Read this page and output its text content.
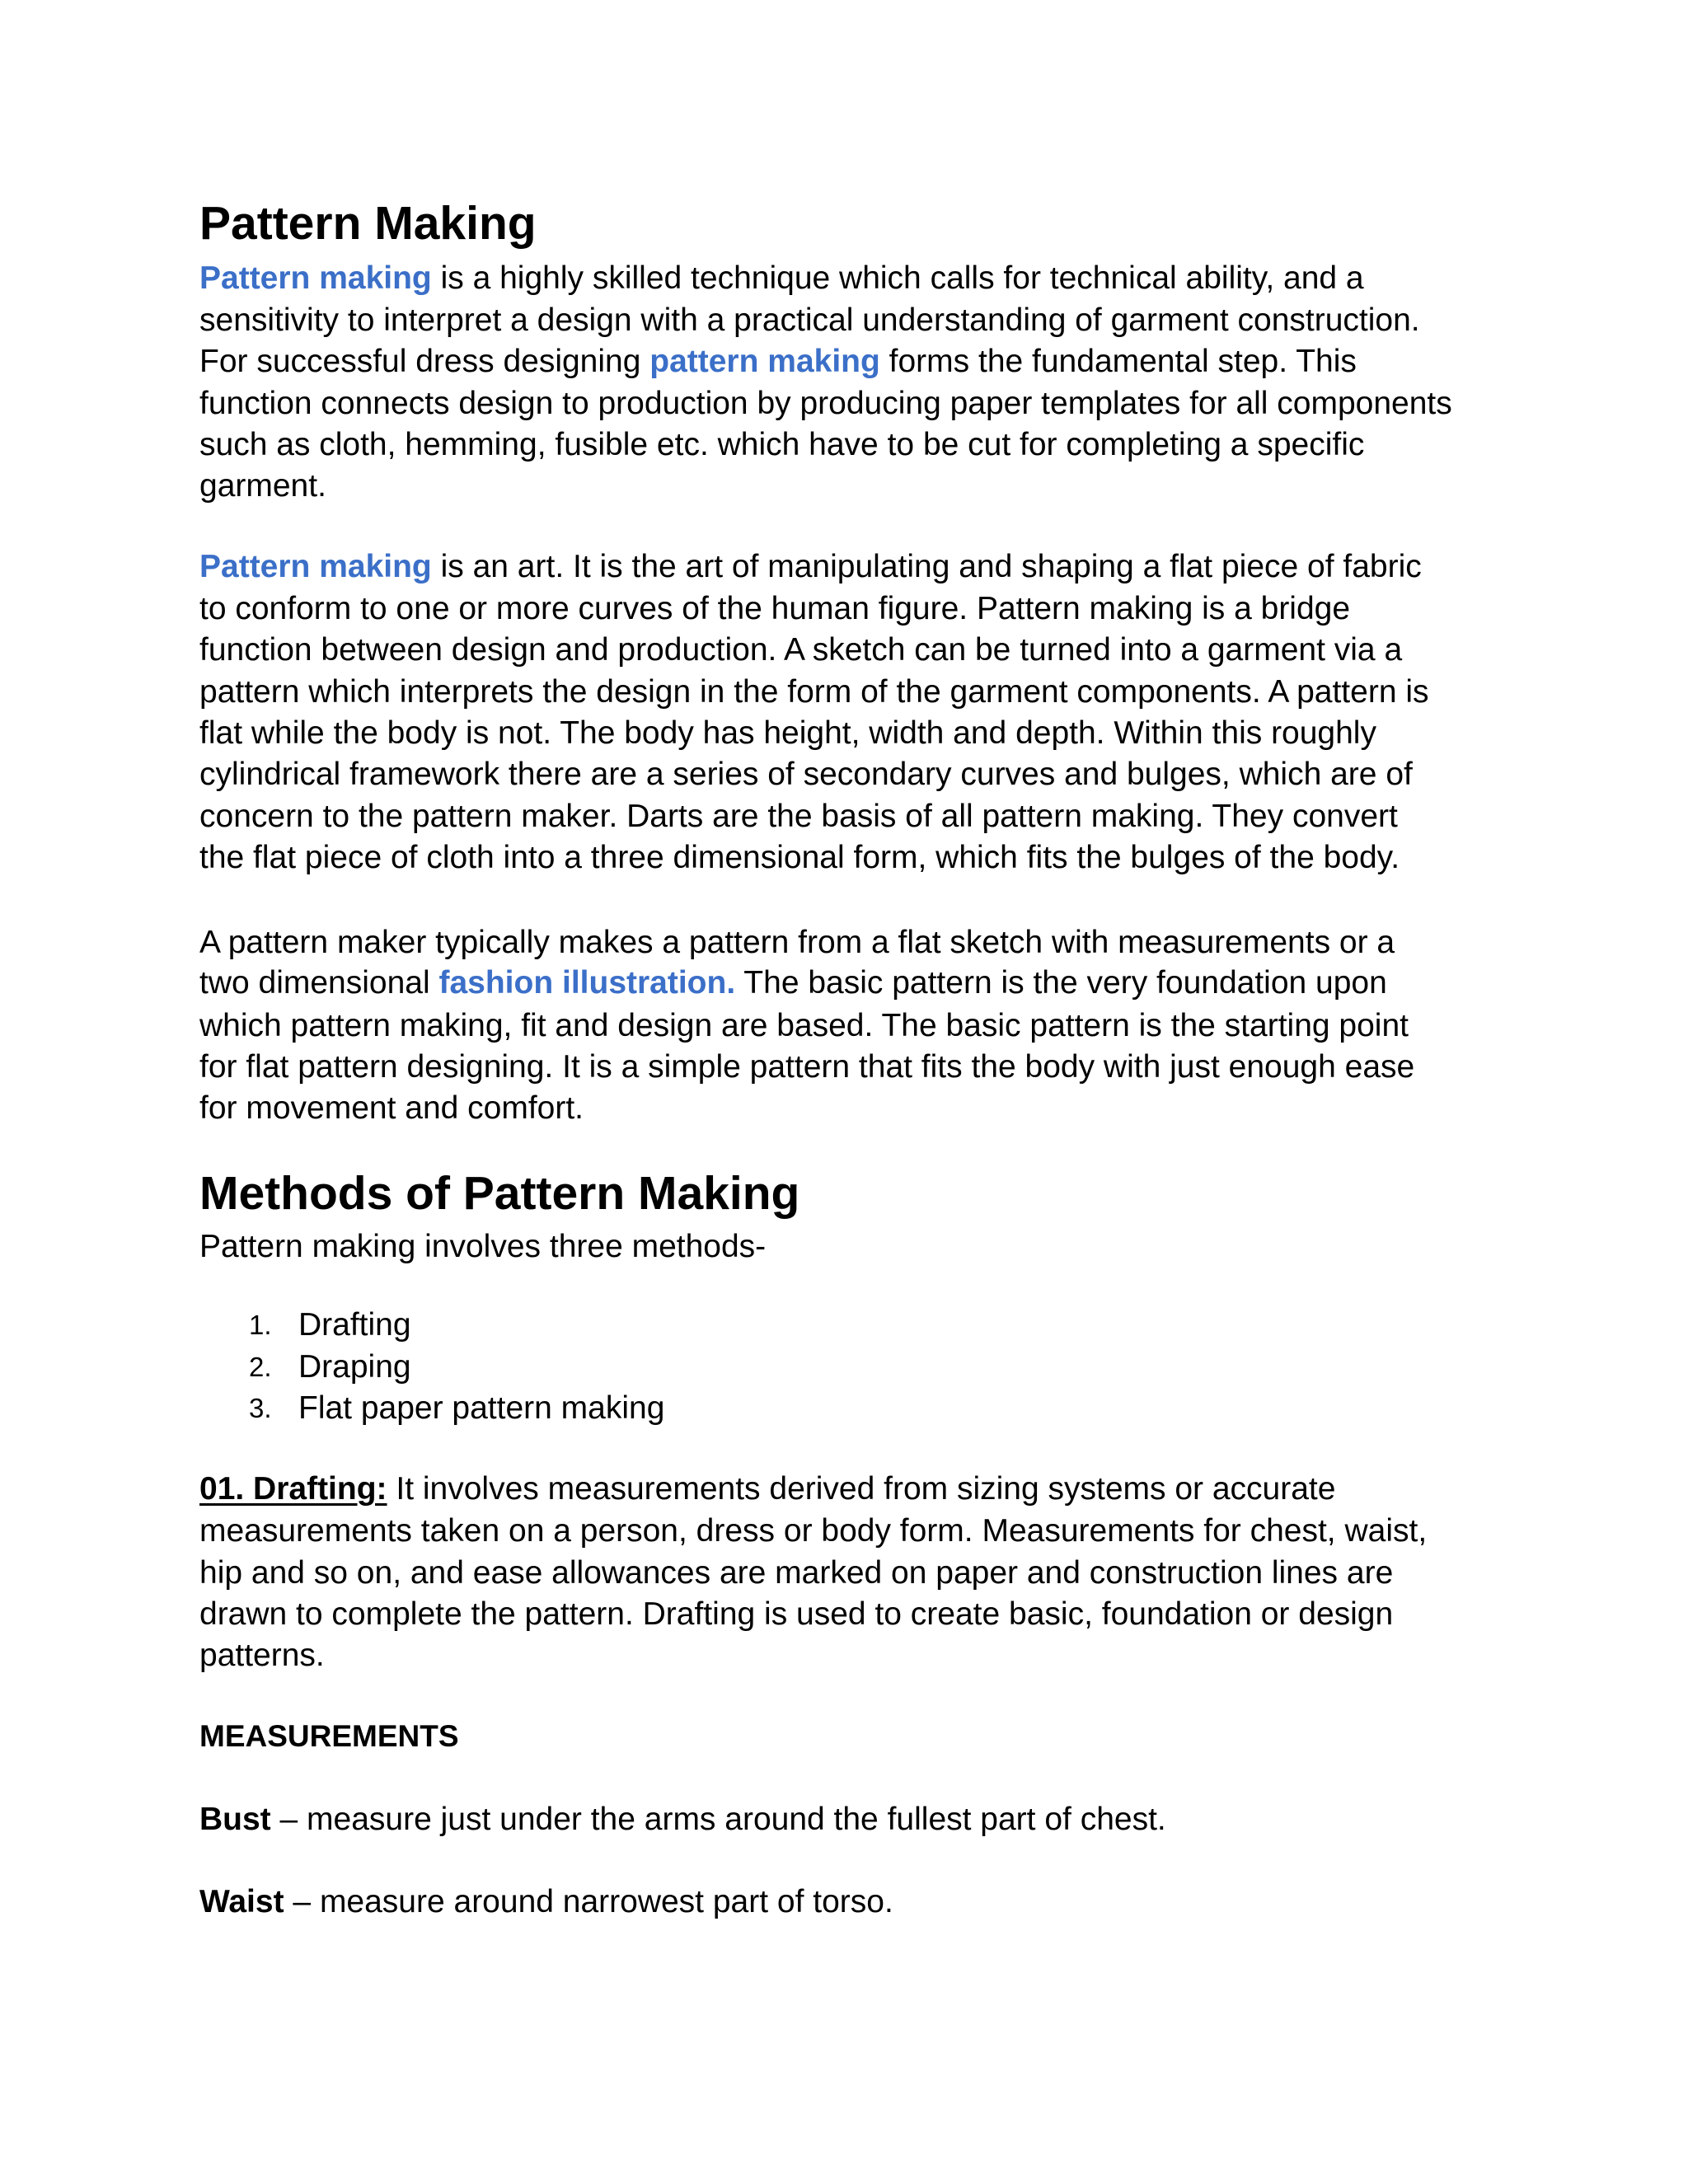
Pattern Making
Pattern making is a highly skilled technique which calls for technical ability, and a
sensitivity to interpret a design with a practical understanding of garment construction.
For successful dress designing pattern making forms the fundamental step. This
function connects design to production by producing paper templates for all components
such as cloth, hemming, fusible etc. which have to be cut for completing a specific
garment.
Pattern making is an art. It is the art of manipulating and shaping a flat piece of fabric
to conform to one or more curves of the human figure. Pattern making is a bridge
function between design and production. A sketch can be turned into a garment via a
pattern which interprets the design in the form of the garment components. A pattern is
flat while the body is not. The body has height, width and depth. Within this roughly
cylindrical framework there are a series of secondary curves and bulges, which are of
concern to the pattern maker. Darts are the basis of all pattern making. They convert
the flat piece of cloth into a three dimensional form, which fits the bulges of the body.
A pattern maker typically makes a pattern from a flat sketch with measurements or a
two dimensional fashion illustration. The basic pattern is the very foundation upon
which pattern making, fit and design are based. The basic pattern is the starting point
for flat pattern designing. It is a simple pattern that fits the body with just enough ease
for movement and comfort.
Methods of Pattern Making
Pattern making involves three methods-
1. Drafting
2. Draping
3. Flat paper pattern making
01. Drafting: It involves measurements derived from sizing systems or accurate
measurements taken on a person, dress or body form. Measurements for chest, waist,
hip and so on, and ease allowances are marked on paper and construction lines are
drawn to complete the pattern. Drafting is used to create basic, foundation or design
patterns.
MEASUREMENTS
Bust – measure just under the arms around the fullest part of chest.
Waist – measure around narrowest part of torso.
